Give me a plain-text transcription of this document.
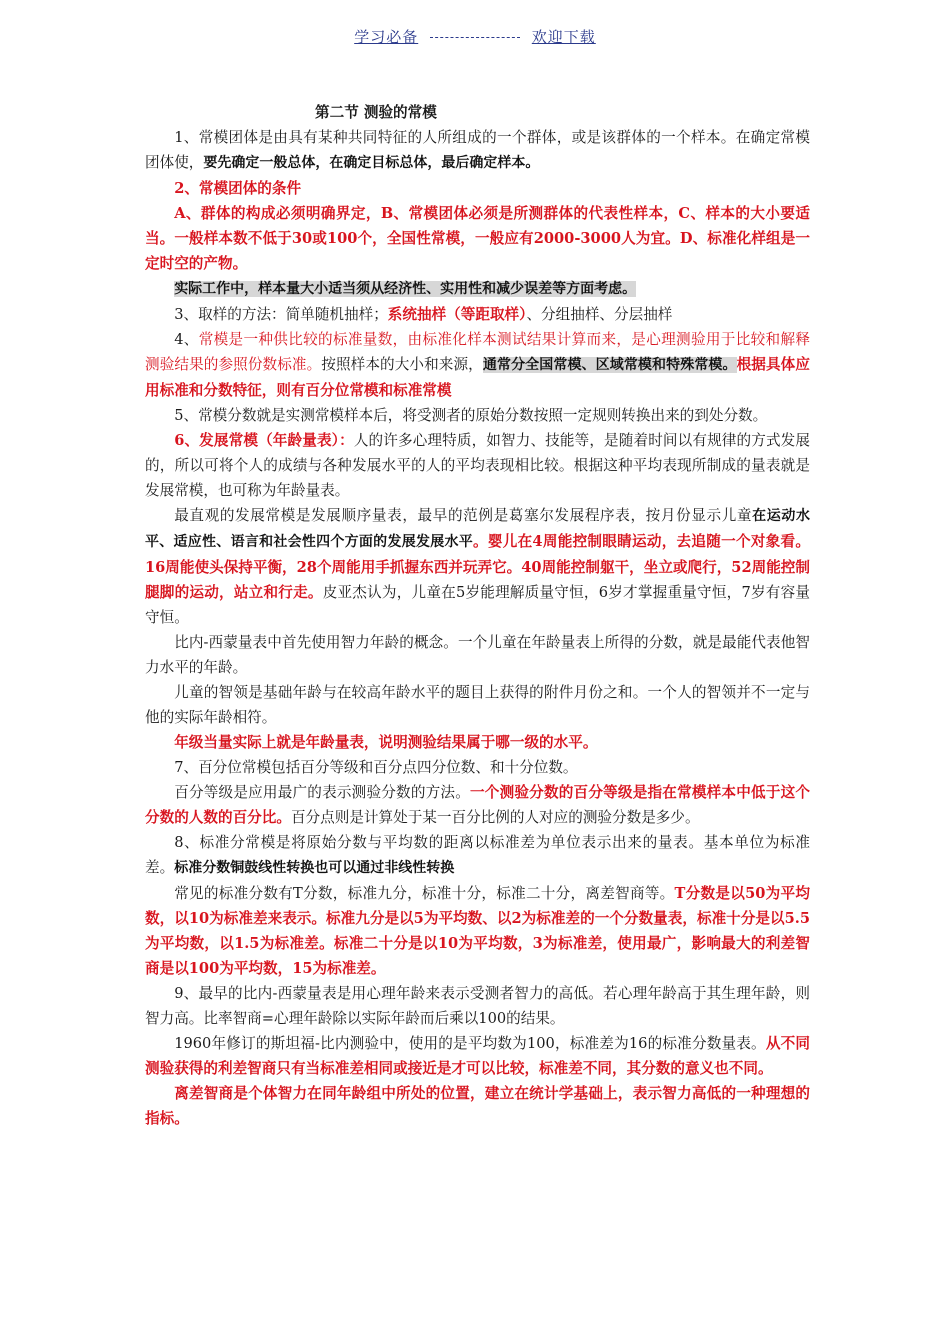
学习必备	欢迎下载
第二节 测验的常模

1、常模团体是由具有某种共同特征的人所组成的一个群体，或是该群体的一个样本。在确定常模团体使，要先确定一般总体，在确定目标总体，最后确定样本。

2、常模团体的条件

A、群体的构成必须明确界定，B、常模团体必须是所测群体的代表性样本，C、样本的大小要适当。一般样本数不低于30或100个，全国性常模，一般应有2000-3000人为宜。D、标准化样组是一定时空的产物。

实际工作中，样本量大小适当须从经济性、实用性和减少误差等方面考虑。

3、取样的方法：简单随机抽样；系统抽样（等距取样）、分组抽样、分层抽样

4、常模是一种供比较的标准量数，由标准化样本测试结果计算而来，是心理测验用于比较和解释测验结果的参照份数标准。按照样本的大小和来源，通常分全国常模、区域常模和特殊常模。根据具体应用标准和分数特征，则有百分位常模和标准常模

5、常模分数就是实测常模样本后，将受测者的原始分数按照一定规则转换出来的到处分数。

6、发展常模（年龄量表）：人的许多心理特质，如智力、技能等，是随着时间以有规律的方式发展的，所以可将个人的成绩与各种发展水平的人的平均表现相比较。根据这种平均表现所制成的量表就是发展常模，也可称为年龄量表。

最直观的发展常模是发展顺序量表，最早的范例是葛塞尔发展程序表，按月份显示儿童在运动水平、适应性、语言和社会性四个方面的发展发展水平。婴儿在4周能控制眼睛运动，去追随一个对象看。16周能使头保持平衡，28个周能用手抓握东西并玩弄它。40周能控制躯干，坐立或爬行，52周能控制腿脚的运动，站立和行走。皮亚杰认为，儿童在5岁能理解质量守恒，6岁才掌握重量守恒，7岁有容量守恒。

比内-西蒙量表中首先使用智力年龄的概念。一个儿童在年龄量表上所得的分数，就是最能代表他智力水平的年龄。

儿童的智领是基础年龄与在较高年龄水平的题目上获得的附件月份之和。一个人的智领并不一定与他的实际年龄相符。

年级当量实际上就是年龄量表，说明测验结果属于哪一级的水平。

7、百分位常模包括百分等级和百分点四分位数、和十分位数。

百分等级是应用最广的表示测验分数的方法。一个测验分数的百分等级是指在常模样本中低于这个分数的人数的百分比。百分点则是计算处于某一百分比例的人对应的测验分数是多少。

8、标准分常模是将原始分数与平均数的距离以标准差为单位表示出来的量表。基本单位为标准差。标准分数铜鼓线性转换也可以通过非线性转换

常见的标准分数有T分数，标准九分，标准十分，标准二十分，离差智商等。T分数是以50为平均数，以10为标准差来表示。标准九分是以5为平均数、以2为标准差的一个分数量表，标准十分是以5.5为平均数，以1.5为标准差。标准二十分是以10为平均数，3为标准差，使用最广，影响最大的利差智商是以100为平均数，15为标准差。

9、最早的比内-西蒙量表是用心理年龄来表示受测者智力的高低。若心理年龄高于其生理年龄，则智力高。比率智商=心理年龄除以实际年龄而后乘以100的结果。

1960年修订的斯坦福-比内测验中，使用的是平均数为100，标准差为16的标准分数量表。从不同测验获得的利差智商只有当标准差相同或接近是才可以比较，标准差不同，其分数的意义也不同。

离差智商是个体智力在同年龄组中所处的位置，建立在统计学基础上，表示智力高低的一种理想的指标。
